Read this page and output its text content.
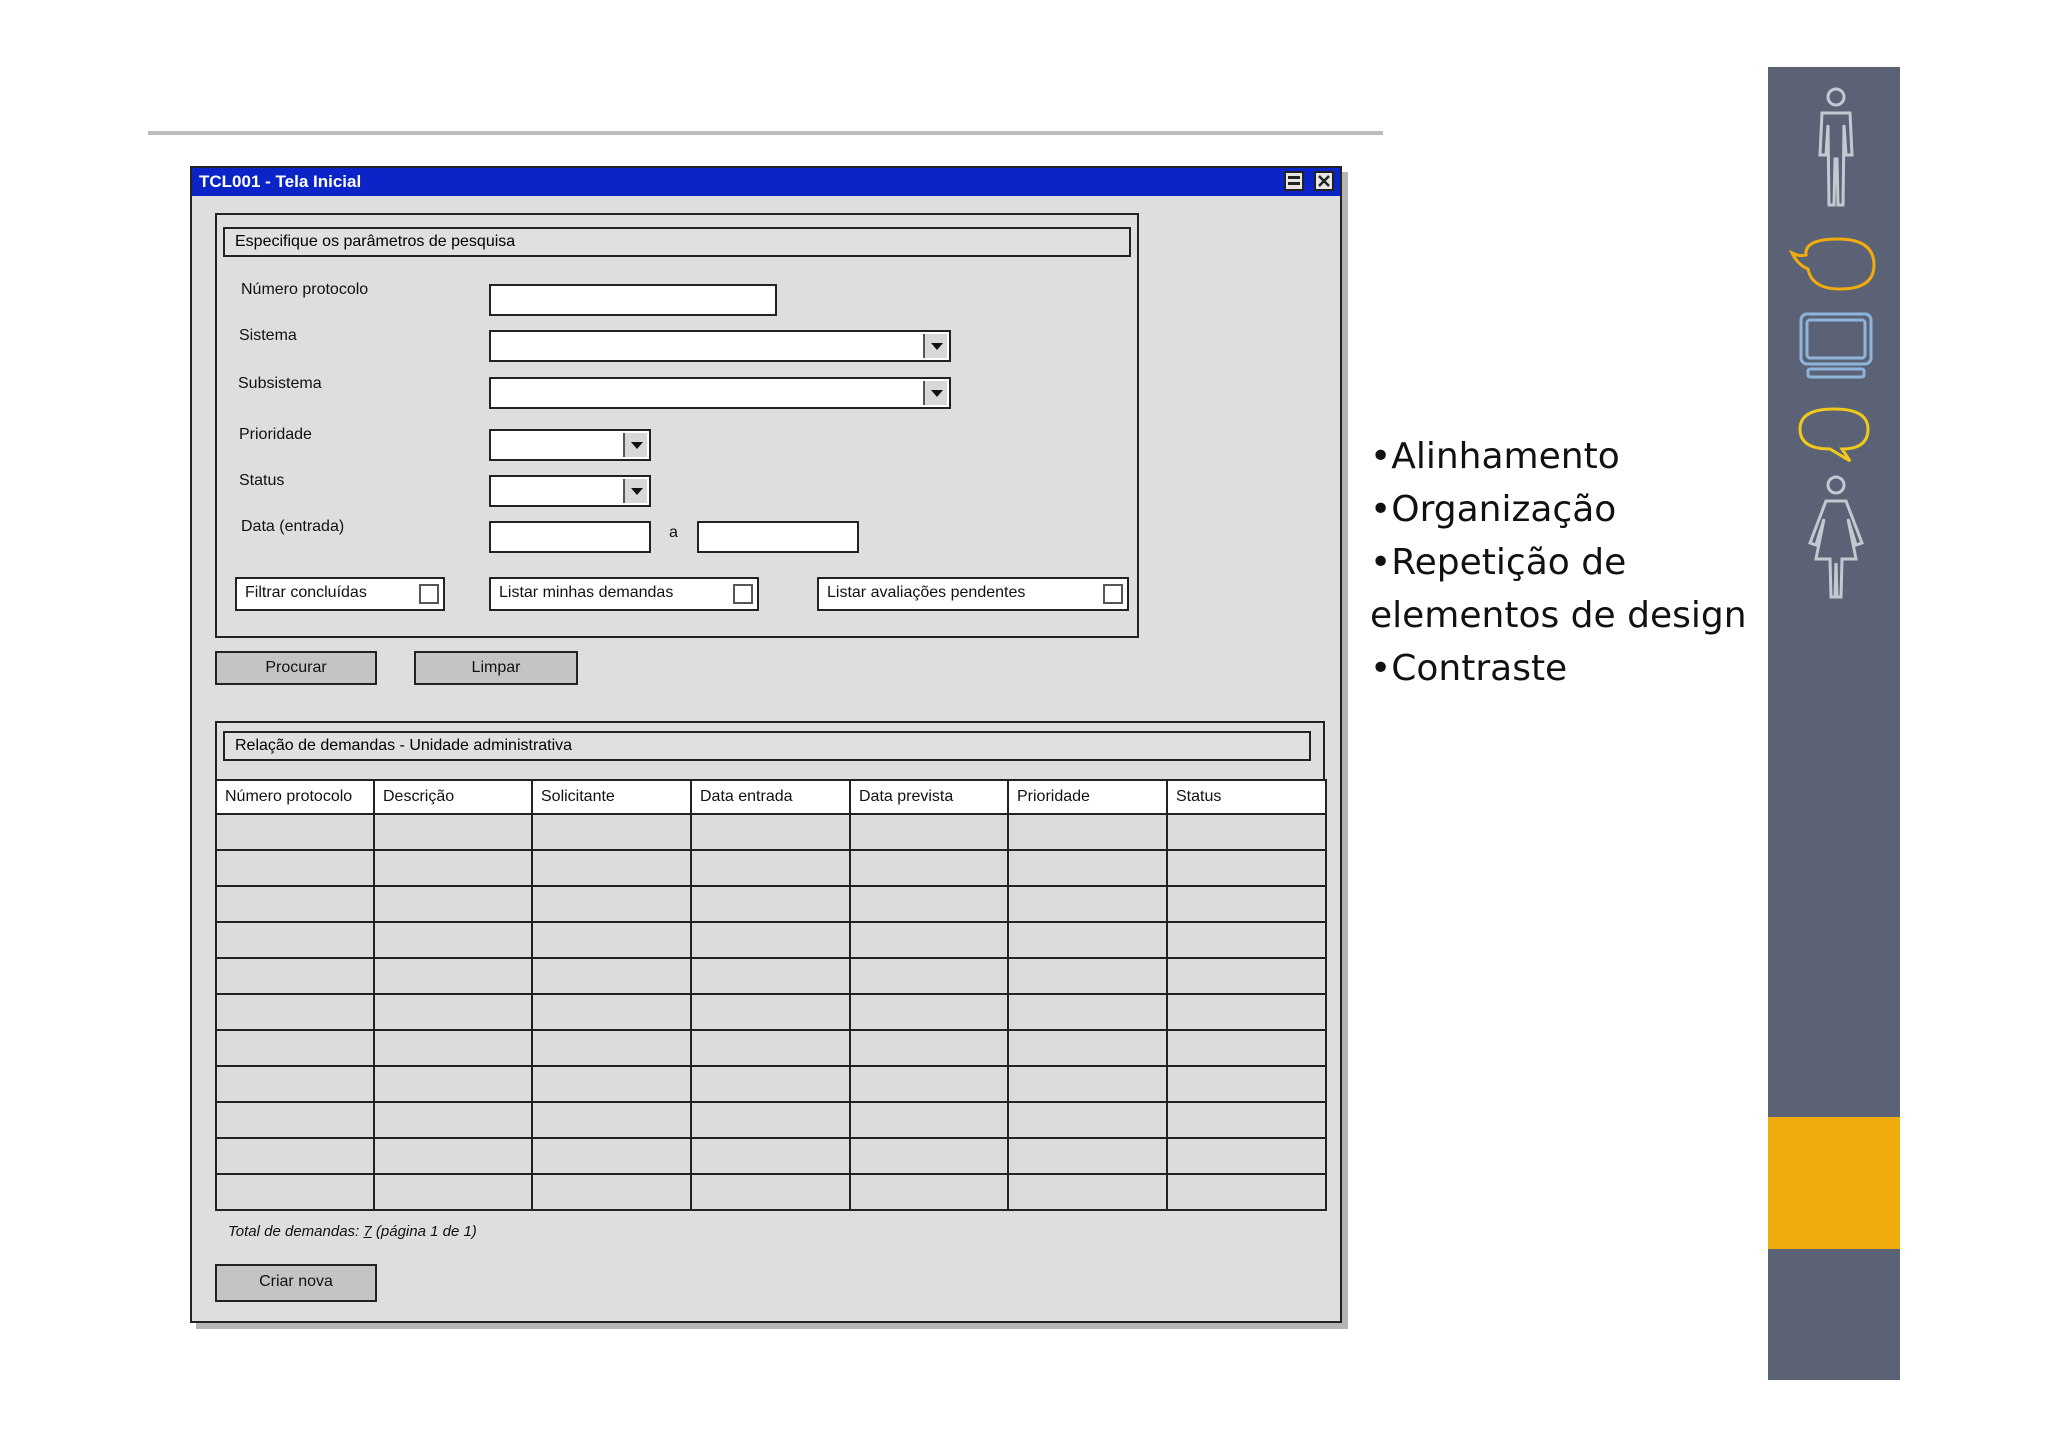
TCL001 - Tela Inicial
Especifique os parâmetros de pesquisa
Número protocolo
Sistema
Subsistema
Prioridade
Status
Data (entrada)	a
Filtrar concluídas	Listar minhas demandas	Listar avaliações pendentes
Procurar	Limpar
Relação de demandas - Unidade administrativa
Número protocolo	Descrição	Solicitante	Data entrada	Data prevista	Prioridade	Status

Total de demandas: 7 (página 1 de 1)
Criar nova
•Alinhamento
•Organização
•Repetição de
elementos de design
•Contraste
